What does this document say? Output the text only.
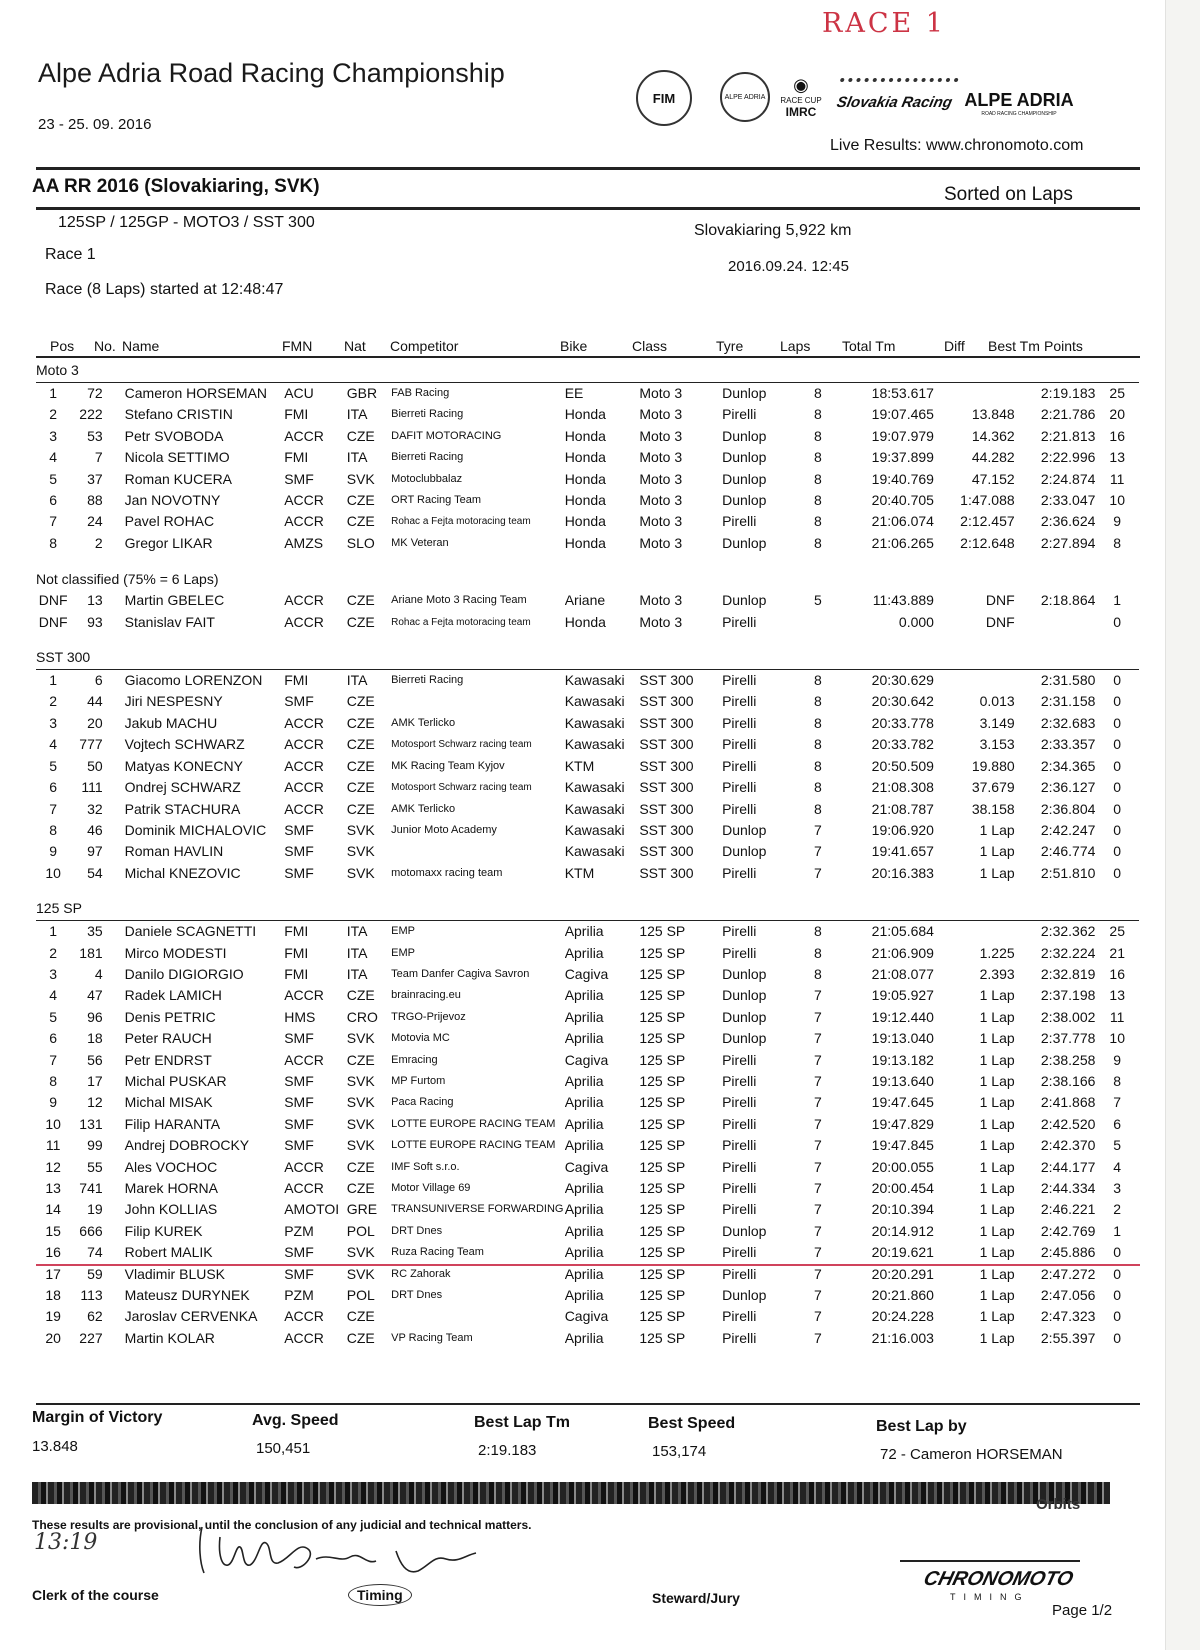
RACE 1
Alpe Adria Road Racing Championship
23 - 25. 09. 2016
FIM	ALPE ADRIA
◉
RACE CUP
IMRC
Slovakia Racing ALPE ADRIA
ROAD RACING CHAMPIONSHIP
Live Results: www.chronomoto.com
AA RR 2016 (Slovakiaring, SVK)	Sorted on Laps
125SP / 125GP - MOTO3 / SST 300	Slovakiaring 5,922 km
Race 1
2016.09.24. 12:45
Race (8 Laps) started at 12:48:47
Pos No. Name	FMN Nat Competitor	Bike	Class	Tyre	Laps Total Tm	Diff Best Tm Points
Moto 3													
1	72	Cameron HORSEMAN	ACU	GBR	FAB Racing	EE	Moto 3	Dunlop	8	18:53.617		2:19.183	25
2	222	Stefano CRISTIN	FMI	ITA	Bierreti Racing	Honda	Moto 3	Pirelli	8	19:07.465	13.848	2:21.786	20
3	53	Petr SVOBODA	ACCR	CZE	DAFIT MOTORACING	Honda	Moto 3	Dunlop	8	19:07.979	14.362	2:21.813	16
4	7	Nicola SETTIMO	FMI	ITA	Bierreti Racing	Honda	Moto 3	Dunlop	8	19:37.899	44.282	2:22.996	13
5	37	Roman KUCERA	SMF	SVK	Motoclubbalaz	Honda	Moto 3	Dunlop	8	19:40.769	47.152	2:24.874	11
6	88	Jan NOVOTNY	ACCR	CZE	ORT Racing Team	Honda	Moto 3	Dunlop	8	20:40.705	1:47.088	2:33.047	10
7	24	Pavel ROHAC	ACCR	CZE	Rohac a Fejta motoracing team	Honda	Moto 3	Pirelli	8	21:06.074	2:12.457	2:36.624	9
8	2	Gregor LIKAR	AMZS	SLO	MK Veteran	Honda	Moto 3	Dunlop	8	21:06.265	2:12.648	2:27.894	8

Not classified (75% = 6 Laps)													
DNF	13	Martin GBELEC	ACCR	CZE	Ariane Moto 3 Racing Team	Ariane	Moto 3	Dunlop	5	11:43.889	DNF	2:18.864	1
DNF	93	Stanislav FAIT	ACCR	CZE	Rohac a Fejta motoracing team	Honda	Moto 3	Pirelli		0.000	DNF		0

SST 300													
1	6	Giacomo LORENZON	FMI	ITA	Bierreti Racing	Kawasaki	SST 300	Pirelli	8	20:30.629		2:31.580	0
2	44	Jiri NESPESNY	SMF	CZE		Kawasaki	SST 300	Pirelli	8	20:30.642	0.013	2:31.158	0
3	20	Jakub MACHU	ACCR	CZE	AMK Terlicko	Kawasaki	SST 300	Pirelli	8	20:33.778	3.149	2:32.683	0
4	777	Vojtech SCHWARZ	ACCR	CZE	Motosport Schwarz racing team	Kawasaki	SST 300	Pirelli	8	20:33.782	3.153	2:33.357	0
5	50	Matyas KONECNY	ACCR	CZE	MK Racing Team Kyjov	KTM	SST 300	Pirelli	8	20:50.509	19.880	2:34.365	0
6	111	Ondrej SCHWARZ	ACCR	CZE	Motosport Schwarz racing team	Kawasaki	SST 300	Pirelli	8	21:08.308	37.679	2:36.127	0
7	32	Patrik STACHURA	ACCR	CZE	AMK Terlicko	Kawasaki	SST 300	Pirelli	8	21:08.787	38.158	2:36.804	0
8	46	Dominik MICHALOVIC	SMF	SVK	Junior Moto Academy	Kawasaki	SST 300	Dunlop	7	19:06.920	1 Lap	2:42.247	0
9	97	Roman HAVLIN	SMF	SVK		Kawasaki	SST 300	Dunlop	7	19:41.657	1 Lap	2:46.774	0
10	54	Michal KNEZOVIC	SMF	SVK	motomaxx racing team	KTM	SST 300	Pirelli	7	20:16.383	1 Lap	2:51.810	0

125 SP													
1	35	Daniele SCAGNETTI	FMI	ITA	EMP	Aprilia	125 SP	Pirelli	8	21:05.684		2:32.362	25
2	181	Mirco MODESTI	FMI	ITA	EMP	Aprilia	125 SP	Pirelli	8	21:06.909	1.225	2:32.224	21
3	4	Danilo DIGIORGIO	FMI	ITA	Team Danfer Cagiva Savron	Cagiva	125 SP	Dunlop	8	21:08.077	2.393	2:32.819	16
4	47	Radek LAMICH	ACCR	CZE	brainracing.eu	Aprilia	125 SP	Dunlop	7	19:05.927	1 Lap	2:37.198	13
5	96	Denis PETRIC	HMS	CRO	TRGO-Prijevoz	Aprilia	125 SP	Dunlop	7	19:12.440	1 Lap	2:38.002	11
6	18	Peter RAUCH	SMF	SVK	Motovia MC	Aprilia	125 SP	Dunlop	7	19:13.040	1 Lap	2:37.778	10
7	56	Petr ENDRST	ACCR	CZE	Emracing	Cagiva	125 SP	Pirelli	7	19:13.182	1 Lap	2:38.258	9
8	17	Michal PUSKAR	SMF	SVK	MP Furtom	Aprilia	125 SP	Pirelli	7	19:13.640	1 Lap	2:38.166	8
9	12	Michal MISAK	SMF	SVK	Paca Racing	Aprilia	125 SP	Pirelli	7	19:47.645	1 Lap	2:41.868	7
10	131	Filip HARANTA	SMF	SVK	LOTTE EUROPE RACING TEAM	Aprilia	125 SP	Pirelli	7	19:47.829	1 Lap	2:42.520	6
11	99	Andrej DOBROCKY	SMF	SVK	LOTTE EUROPE RACING TEAM	Aprilia	125 SP	Pirelli	7	19:47.845	1 Lap	2:42.370	5
12	55	Ales VOCHOC	ACCR	CZE	IMF Soft s.r.o.	Cagiva	125 SP	Pirelli	7	20:00.055	1 Lap	2:44.177	4
13	741	Marek HORNA	ACCR	CZE	Motor Village 69	Aprilia	125 SP	Pirelli	7	20:00.454	1 Lap	2:44.334	3
14	19	John KOLLIAS	AMOTOI	GRE	TRANSUNIVERSE FORWARDING	Aprilia	125 SP	Pirelli	7	20:10.394	1 Lap	2:46.221	2
15	666	Filip KUREK	PZM	POL	DRT Dnes	Aprilia	125 SP	Dunlop	7	20:14.912	1 Lap	2:42.769	1
16	74	Robert MALIK	SMF	SVK	Ruza Racing Team	Aprilia	125 SP	Pirelli	7	20:19.621	1 Lap	2:45.886	0
17	59	Vladimir BLUSK	SMF	SVK	RC Zahorak	Aprilia	125 SP	Pirelli	7	20:20.291	1 Lap	2:47.272	0
18	113	Mateusz DURYNEK	PZM	POL	DRT Dnes	Aprilia	125 SP	Dunlop	7	20:21.860	1 Lap	2:47.056	0
19	62	Jaroslav CERVENKA	ACCR	CZE		Cagiva	125 SP	Pirelli	7	20:24.228	1 Lap	2:47.323	0
20	227	Martin KOLAR	ACCR	CZE	VP Racing Team	Aprilia	125 SP	Pirelli	7	21:16.003	1 Lap	2:55.397	0
Margin of Victory
13.848
Avg. Speed
150,451
Best Lap Tm
2:19.183
Best Speed
153,174
Best Lap by
72 - Cameron HORSEMAN
Orbits
These results are provisional, until the conclusion of any judicial and technical matters.
13:19
Clerk of the course	Timing	Steward/Jury
CHRONOMOTO
TIMING
Page 1/2
